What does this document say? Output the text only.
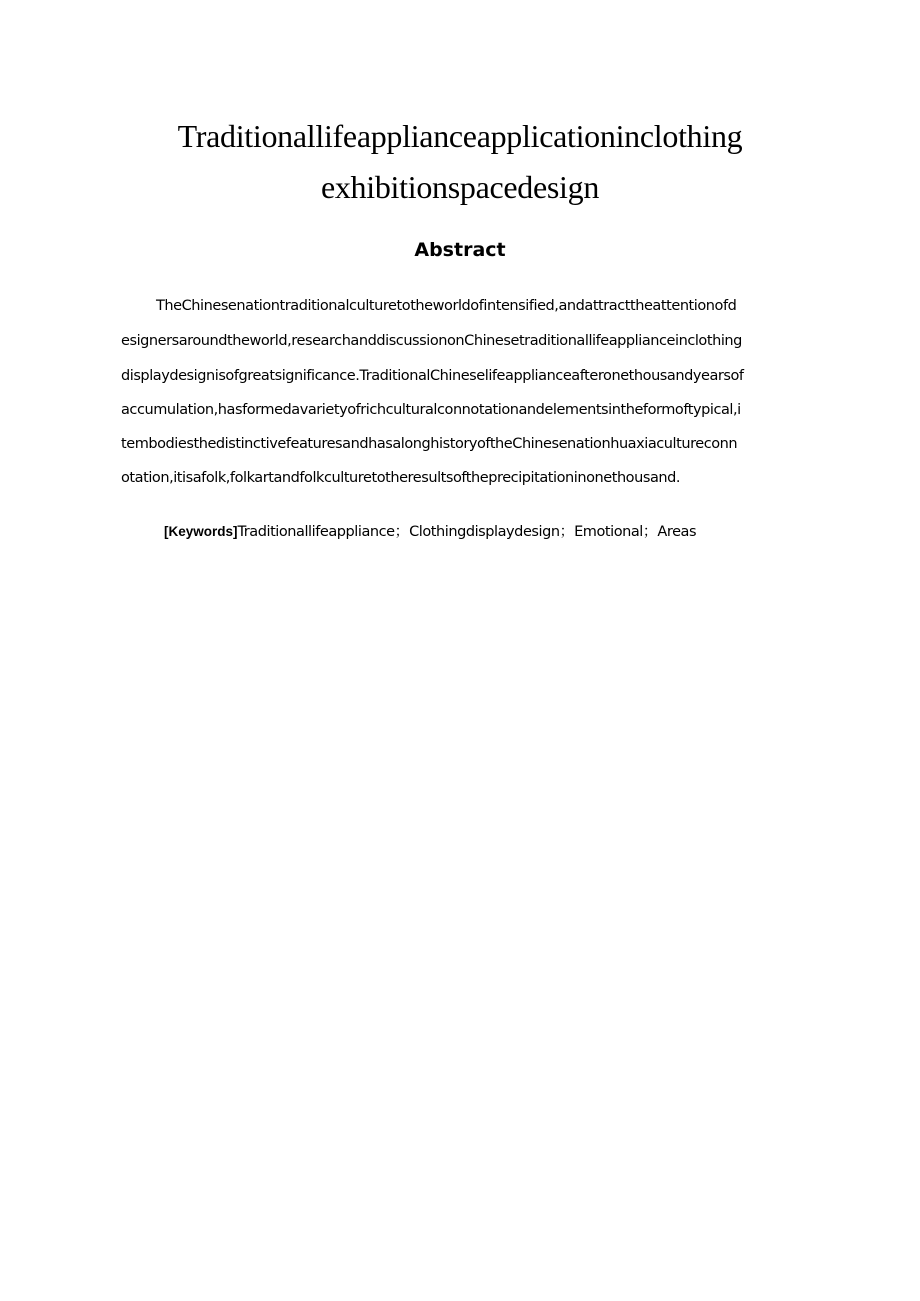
Traditionallifeapplianceapplicationinclothing
exhibitionspacedesign
Abstract
TheChinesenationtraditionalculturetotheworldofintensified,andattracttheattentionofd
esignersaroundtheworld,researchanddiscussiononChinesetraditionallifeapplianceinclothing
displaydesignisofgreatsignificance.TraditionalChineselifeapplianceafteronethousandyearsof
accumulation,hasformedavarietyofrichculturalconnotationandelementsintheformoftypical,i
tembodiesthedistinctivefeaturesandhasalonghistoryoftheChinesenationhuaxiacultureconn
otation,itisafolk,folkartandfolkculturetotheresultsoftheprecipitationinonethousand.
[Keywords]Traditionallifeappliance；Clothingdisplaydesign；Emotional；Areas
